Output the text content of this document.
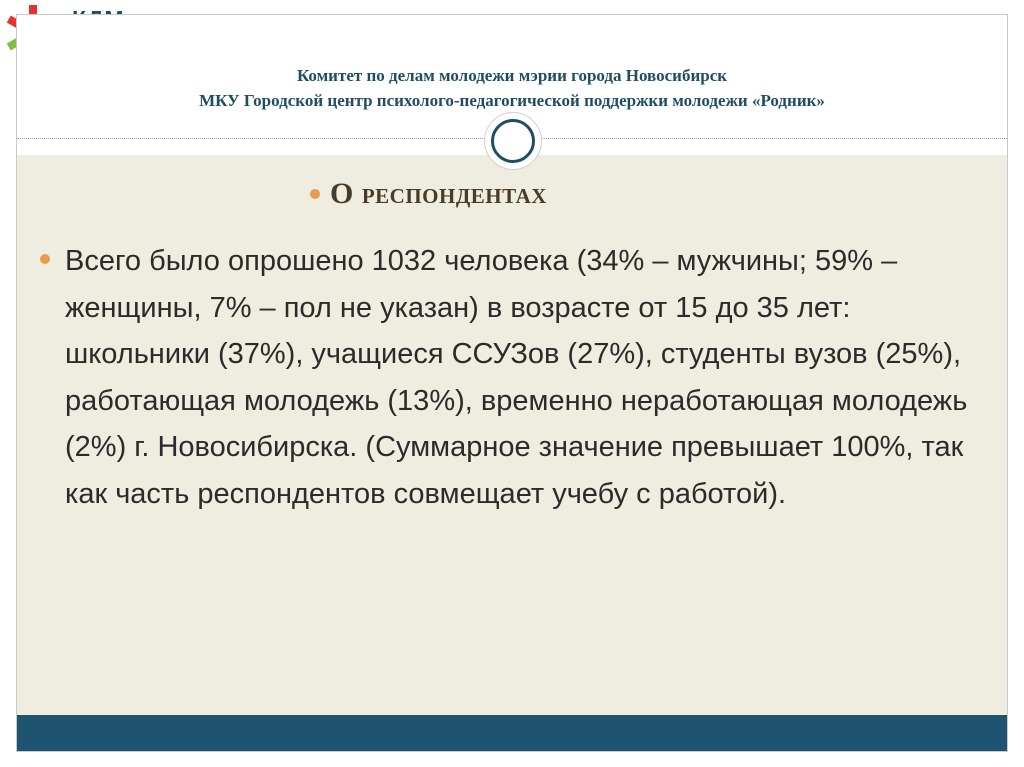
Комитет по делам молодежи мэрии города Новосибирск
МКУ Городской центр психолого-педагогической поддержки молодежи «Родник»
О респондентах
Всего было опрошено 1032 человека (34% – мужчины; 59% – женщины, 7% – пол не указан) в возрасте от 15 до 35 лет: школьники (37%), учащиеся ССУЗов (27%), студенты вузов (25%), работающая молодежь (13%), временно неработающая молодежь (2%) г. Новосибирска. (Суммарное значение превышает 100%, так как часть респондентов совмещает учебу с работой).
